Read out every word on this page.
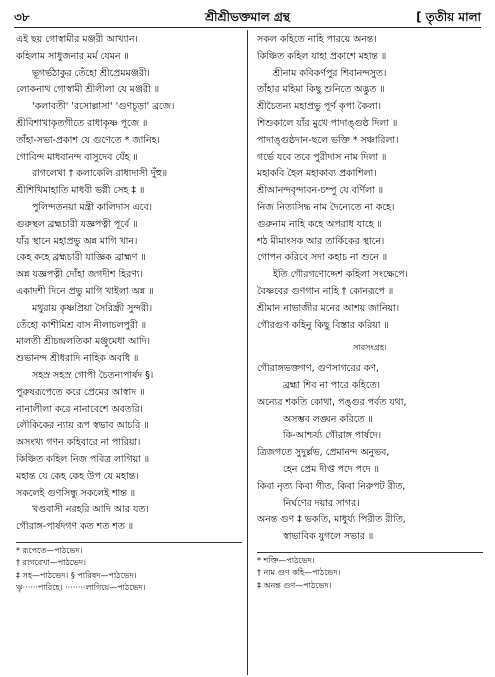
৩৮	শ্রীশ্রীভক্তমাল গ্রন্থ	[ তৃতীয় মালা
এই ছয় গোস্বামীর মঞ্জরী আখ্যান।
কহিলাম সাধুজনার মর্ম যেমন ॥
ভূগর্ভঠাকুর তেঁহো শ্রীপ্রেমমঞ্জরী।
লোকনাথ গোস্বামী শ্রীলীলা যে মঞ্জরী ॥
'কলাবতী' 'রসোল্লাসা' 'গুণচূড়া' ব্রজে।
শ্রীবিশাখাকৃতগীতে রাধাকৃষ্ণ পূজে ॥
তাঁহা-সভা-প্রকাশ যে গুণেতে * জানিহ।
গোবিন্দ মাধবানন্দ বাসুদেব যেঁহ ॥
রাগলেখা † কলাকেলি রাধাদাসী দুঁহু॥
শ্রীশিখিমাহাতি মাধবী ভগ্নী সেহ ‡ ॥
পুলিন্দতনয়া মন্ত্রী কালিদাস এবে।
গুরুস্থল ব্রহ্মচারী যজ্ঞপত্নী পূর্বে ॥
যাঁর স্থানে মহাপ্রভু অন্ন মাগি খান।
কেহ কহে ব্রহ্মচারী যাজ্ঞিক ব্রাহ্মণ ॥
অন্ন যজ্ঞপত্নী দোঁহা জগদীশ হিরণ্য।
একাদশী দিনে প্রভু মাগি খাইলা অন্ন ॥
মথুরায় কৃষ্ণপ্রিয়া সৈরিন্ধ্রী সুন্দরী।
তেঁহো কাশীমিশ্র বাস নীলাচলপুরী ॥
মালতী শ্রীচন্দ্রলতিকা মঞ্জুমেধা আদি।
শুভানন্দ শ্রীধরাদি নাহিক অবধি ॥
সহস্র সহস্র গোপী চৈতন্যপার্ষদ §।
পুরুষরূপেতে করে প্রেমের আস্বাদ ॥
নানালীলা করে নানাবেশে অবতরি।
লৌকিকের ন্যায় রূপ স্বভাব আচরি ॥
অসংখ্য গণন কহিবারে না পারিয়া।
কিঞ্চিত কহিল নিজ পবিত্র লাগিয়া ॥
মহান্ত যে কেহ কেহ উপ যে মহান্ত।
সকলেই গুণসিন্ধু সকলেই শান্ত ॥
খণ্ডবাসী নরহরি আদি আর যত।
গৌরাঙ্গ-পার্ষদগণ কত শত শত ॥
* রূপেতে—পাঠভেদ।
† রাগরেখা—পাঠভেদ।
‡ সহ—পাঠভেদ। § পারিষদ—পাঠভেদ।
ৠ······পারিহে। ········লাগিয়ে—পাঠভেদ।
সকল কহিতে নাহি পারয়ে অনন্ত।
কিঞ্চিত কহিল যাহা প্রকাশে মহান্ত ॥
শ্রীনাম কবিকর্ণপুর শিবানন্দসুত।
তাঁহার মহিমা কিছু শুনিতে অদ্ভুত ॥
শ্রীচৈতন্য মহাপ্রভু পূর্ণ কৃপা কৈলা।
শিশুকালে যাঁর মুখে পাদাঙ্গুষ্ঠ দিলা ॥
পাদাঙ্গুষ্ঠদান-ছলে ভক্তি * সঞ্চারিলা।
গর্ভে যবে তবে পুরীদাস নাম দিলা ॥
মহাকবি হৈল মহাকাব্য প্রকাশিলা।
শ্রীআনন্দবৃন্দাবন-চম্পু যে বর্ণিলা ॥
নিজ নিত্যসিদ্ধ নাম দৈন্যেতে না কহে।
গুরুনাম নাহি কহে অপরাধ যাহে ॥
শঠ মীমাংসক আর তার্কিকের স্থানে।
গোপন করিবে সদা কহাচ না শুনে ॥
ইতি গৌরগণোদ্দেশ কহিলা সংক্ষেপে।
বৈষ্ণবের গুণগান নাহি † কোনরূপে ॥
শ্রীমান নাভাজীর মনের আশয় জানিয়া।
গৌরগুণ কহিনু কিছু বিস্তার করিয়া ॥
সারসংগ্রহ।
গৌরাঙ্গভক্তগণ, গুণসাগরের কণ,
ব্রহ্মা শিব না পারে কহিতে।
অন্যের শকতি কোথা, পঙ্গুর পর্বত যথা,
অসম্ভব লঙ্ঘন করিতে ॥
কি-আশ্চর্য্য গৌরাঙ্গ পার্ষদে।
ত্রিজগতে সুদুর্ল্লভ, প্রেমানন্দ অনুভব,
হেন প্রেম দীপ্ত পদে পদে ॥
কিবা নৃত্য কিবা গীত, কিবা নিরুপট রীত,
নির্ঘণের দয়ার সাগর।
অনন্ত গুণ ‡ ভকতি, মাধুর্য্য পিরীত রীতি,
স্বাভাবিক যুগলে সভার ॥
* শক্তি—পাঠভেদ।
† নাম গুণ কহি—পাঠভেদ।
‡ অনন্ত গুণ—পাঠভেদ।
